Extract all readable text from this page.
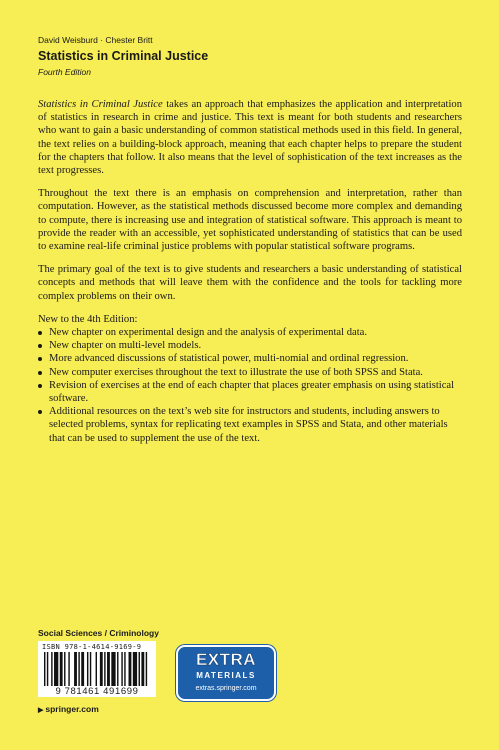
David Weisburd · Chester Britt
Statistics in Criminal Justice
Fourth Edition

Statistics in Criminal Justice takes an approach that emphasizes the application and interpretation of statistics in research in crime and justice. This text is meant for both students and researchers who want to gain a basic understanding of common statistical methods used in this field. In general, the text relies on a building-block approach, meaning that each chapter helps to prepare the student for the chapters that follow. It also means that the level of sophistication of the text increases as the text progresses.

Throughout the text there is an emphasis on comprehension and interpretation, rather than computation. However, as the statistical methods discussed become more complex and demanding to compute, there is increasing use and integration of statistical software. This approach is meant to provide the reader with an accessible, yet sophisticated understanding of statistics that can be used to examine real-life criminal justice problems with popular statistical software programs.

The primary goal of the text is to give students and researchers a basic understanding of statistical concepts and methods that will leave them with the confidence and the tools for tackling more complex problems on their own.

New to the 4th Edition:

New chapter on experimental design and the analysis of experimental data.
New chapter on multi-level models.
More advanced discussions of statistical power, multi-nomial and ordinal regression.
New computer exercises throughout the text to illustrate the use of both SPSS and Stata.
Revision of exercises at the end of each chapter that places greater emphasis on using statistical software.
Additional resources on the text’s web site for instructors and students, including answers to selected problems, syntax for replicating text examples in SPSS and Stata, and other materials that can be used to supplement the use of the text.
Social Sciences / Criminology
ISBN 978-1-4614-9169-9
9 781461 491699
EXTRA
MATERIALS
extras.springer.com
▶ springer.com
